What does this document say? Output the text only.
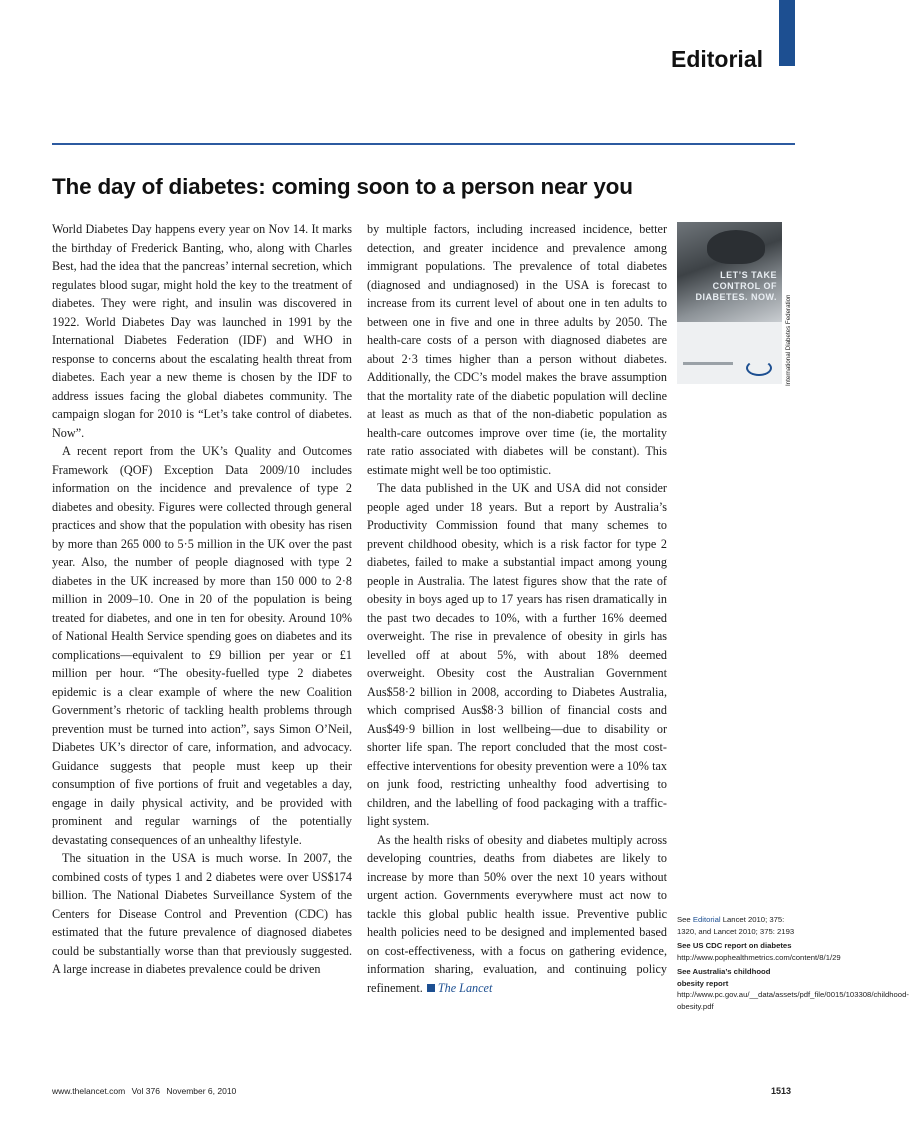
Editorial
The day of diabetes: coming soon to a person near you

World Diabetes Day happens every year on Nov 14. It marks the birthday of Frederick Banting, who, along with Charles Best, had the idea that the pancreas’ internal secretion, which regulates blood sugar, might hold the key to the treatment of diabetes. They were right, and insulin was discovered in 1922. World Diabetes Day was launched in 1991 by the International Diabetes Federation (IDF) and WHO in response to concerns about the escalating health threat from diabetes. Each year a new theme is chosen by the IDF to address issues facing the global diabetes community. The campaign slogan for 2010 is “Let’s take control of diabetes. Now”.

A recent report from the UK’s Quality and Outcomes Framework (QOF) Exception Data 2009/10 includes information on the incidence and prevalence of type 2 diabetes and obesity. Figures were collected through general practices and show that the population with obesity has risen by more than 265 000 to 5·5 million in the UK over the past year. Also, the number of people diagnosed with type 2 diabetes in the UK increased by more than 150 000 to 2·8 million in 2009–10. One in 20 of the population is being treated for diabetes, and one in ten for obesity. Around 10% of National Health Service spending goes on diabetes and its complications—equivalent to £9 billion per year or £1 million per hour. “The obesity-fuelled type 2 diabetes epidemic is a clear example of where the new Coalition Government’s rhetoric of tackling health problems through prevention must be turned into action”, says Simon O’Neil, Diabetes UK’s director of care, information, and advocacy. Guidance suggests that people must keep up their consumption of five portions of fruit and vegetables a day, engage in daily physical activity, and be provided with prominent and regular warnings of the potentially devastating consequences of an unhealthy lifestyle.

The situation in the USA is much worse. In 2007, the combined costs of types 1 and 2 diabetes were over US$174 billion. The National Diabetes Surveillance System of the Centers for Disease Control and Prevention (CDC) has estimated that the future prevalence of diagnosed diabetes could be substantially worse than that previously suggested. A large increase in diabetes prevalence could be driven

by multiple factors, including increased incidence, better detection, and greater incidence and prevalence among immigrant populations. The prevalence of total diabetes (diagnosed and undiagnosed) in the USA is forecast to increase from its current level of about one in ten adults to between one in five and one in three adults by 2050. The health-care costs of a person with diagnosed diabetes are about 2·3 times higher than a person without diabetes. Additionally, the CDC’s model makes the brave assumption that the mortality rate of the diabetic population will decline at least as much as that of the non-diabetic population as health-care outcomes improve over time (ie, the mortality rate ratio associated with diabetes will be constant). This estimate might well be too optimistic.

The data published in the UK and USA did not consider people aged under 18 years. But a report by Australia’s Productivity Commission found that many schemes to prevent childhood obesity, which is a risk factor for type 2 diabetes, failed to make a substantial impact among young people in Australia. The latest figures show that the rate of obesity in boys aged up to 17 years has risen dramatically in the past two decades to 10%, with a further 16% deemed overweight. The rise in prevalence of obesity in girls has levelled off at about 5%, with about 18% deemed overweight. Obesity cost the Australian Government Aus$58·2 billion in 2008, according to Diabetes Australia, which comprised Aus$8·3 billion of financial costs and Aus$49·9 billion in lost wellbeing—due to disability or shorter life span. The report concluded that the most cost-effective interventions for obesity prevention were a 10% tax on junk food, restricting unhealthy food advertising to children, and the labelling of food packaging with a traffic-light system.

As the health risks of obesity and diabetes multiply across developing countries, deaths from diabetes are likely to increase by more than 50% over the next 10 years without urgent action. Governments everywhere must act now to tackle this global public health issue. Preventive public health policies need to be designed and implemented based on cost-effectiveness, with a focus on gathering evidence, information sharing, evaluation, and continuing policy refinement. The Lancet

LET’S TAKE CONTROL OF DIABETES. NOW. International Diabetes Federation

See Editorial Lancet 2010; 375: 1320, and Lancet 2010; 375: 2193

See US CDC report on diabetes http://www.pophealthmetrics.com/content/8/1/29

See Australia’s childhood obesity report http://www.pc.gov.au/__data/assets/pdf_file/0015/103308/childhood-obesity.pdf

www.thelancet.com Vol 376 November 6, 2010	1513
